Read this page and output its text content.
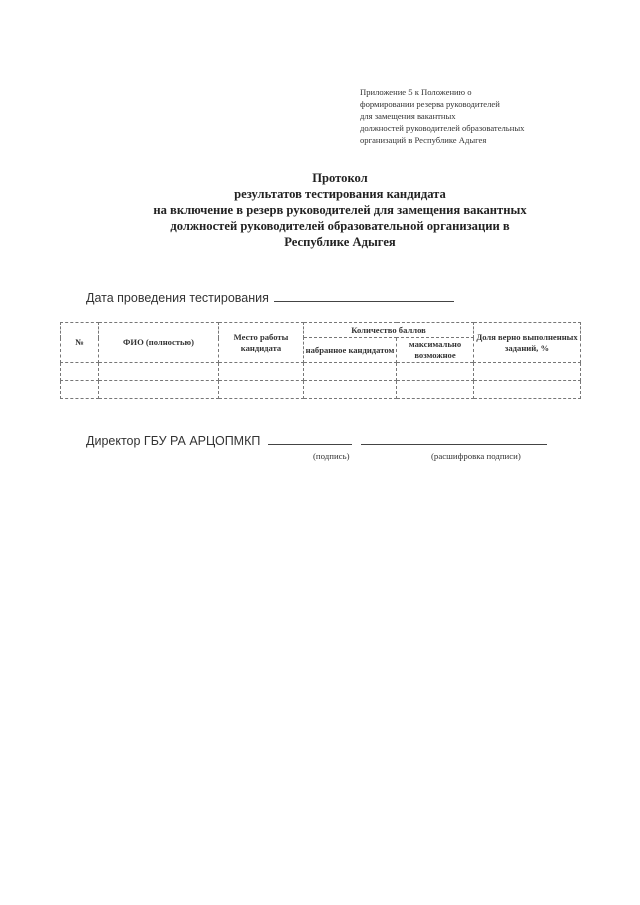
Приложение 5 к Положению о
формировании резерва руководителей
для замещения вакантных
должностей руководителей образовательных
организаций в Республике Адыгея
Протокол
результатов тестирования кандидата
на включение в резерв руководителей для замещения вакантных
должностей руководителей образовательной организации в
Республике Адыгея
Дата проведения тестирования
№	ФИО (полностью)	Место работы кандидата	Количество баллов		Доля верно выполненных заданий, %
			набранное кандидатом	максимально возможное	

Директор ГБУ РА АРЦОПМКП
(подпись)	(расшифровка подписи)
